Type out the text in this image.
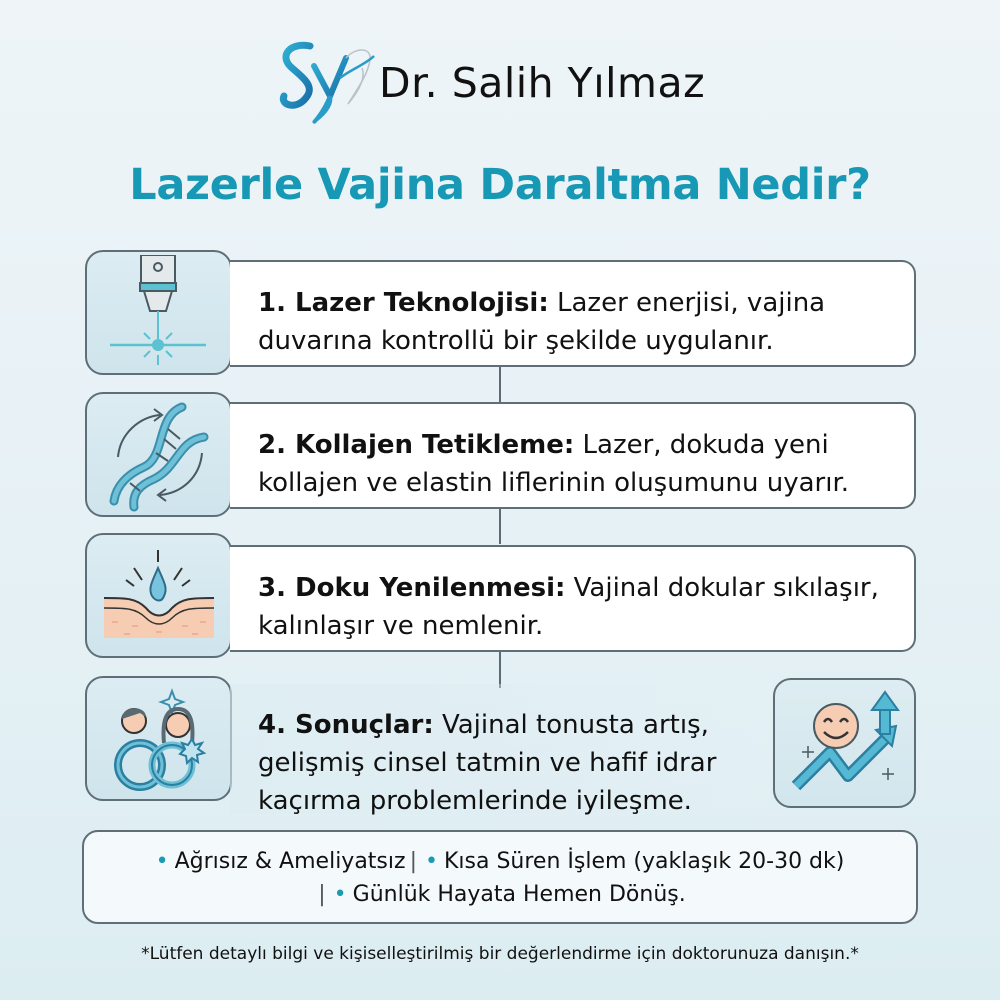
Dr. Salih Yılmaz
Lazerle Vajina Daraltma Nedir?
1. Lazer Teknolojisi: Lazer enerjisi, vajina duvarına kontrollü bir şekilde uygulanır.
2. Kollajen Tetikleme: Lazer, dokuda yeni kollajen ve elastin liflerinin oluşumunu uyarır.
3. Doku Yenilenmesi: Vajinal dokular sıkılaşır, kalınlaşır ve nemlenir.
4. Sonuçlar: Vajinal tonusta artış, gelişmiş cinsel tatmin ve hafif idrar kaçırma problemlerinde iyileşme.
• Ağrısız & Ameliyatsız | • Kısa Süren İşlem (yaklaşık 20-30 dk)
| • Günlük Hayata Hemen Dönüş.
*Lütfen detaylı bilgi ve kişiselleştirilmiş bir değerlendirme için doktorunuza danışın.*
